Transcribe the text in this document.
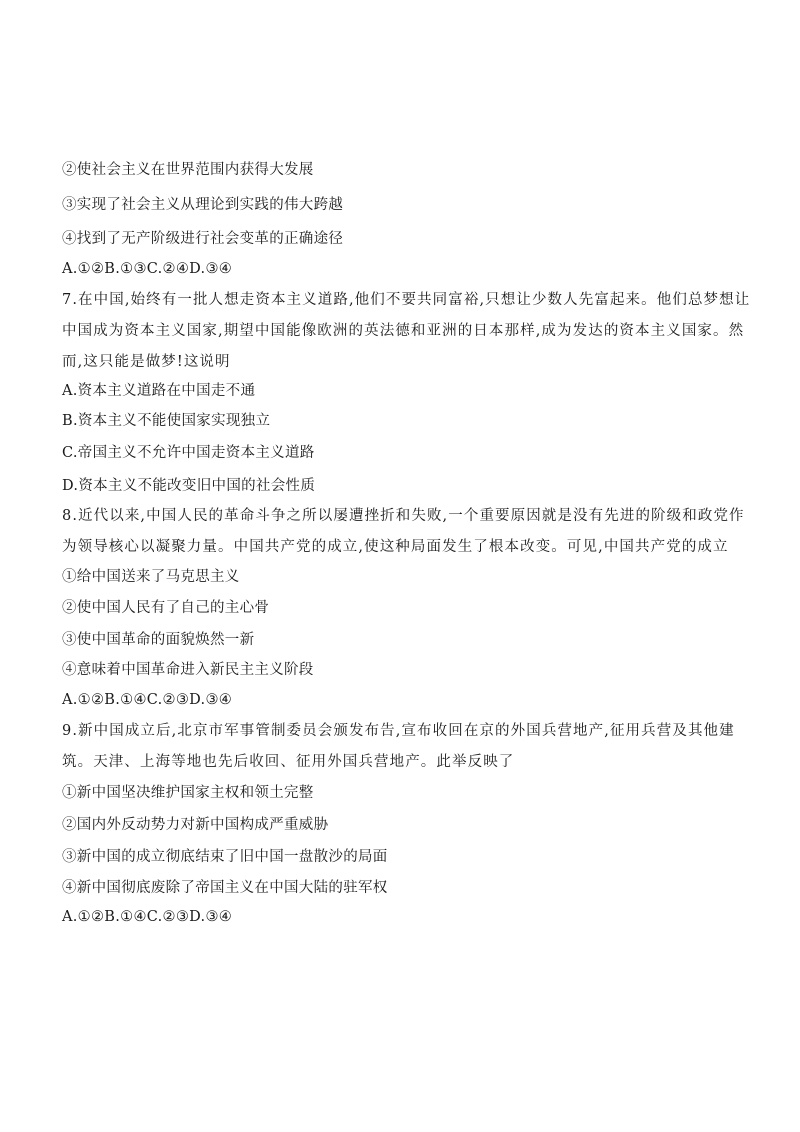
②使社会主义在世界范围内获得大发展
③实现了社会主义从理论到实践的伟大跨越
④找到了无产阶级进行社会变革的正确途径
A.①②B.①③C.②④D.③④
7.在中国,始终有一批人想走资本主义道路,他们不要共同富裕,只想让少数人先富起来。他们总梦想让中国成为资本主义国家,期望中国能像欧洲的英法德和亚洲的日本那样,成为发达的资本主义国家。然而,这只能是做梦!这说明
A.资本主义道路在中国走不通
B.资本主义不能使国家实现独立
C.帝国主义不允许中国走资本主义道路
D.资本主义不能改变旧中国的社会性质
8.近代以来,中国人民的革命斗争之所以屡遭挫折和失败,一个重要原因就是没有先进的阶级和政党作为领导核心以凝聚力量。中国共产党的成立,使这种局面发生了根本改变。可见,中国共产党的成立
①给中国送来了马克思主义
②使中国人民有了自己的主心骨
③使中国革命的面貌焕然一新
④意味着中国革命进入新民主主义阶段
A.①②B.①④C.②③D.③④
9.新中国成立后,北京市军事管制委员会颁发布告,宣布收回在京的外国兵营地产,征用兵营及其他建筑。天津、上海等地也先后收回、征用外国兵营地产。此举反映了
①新中国坚决维护国家主权和领土完整
②国内外反动势力对新中国构成严重威胁
③新中国的成立彻底结束了旧中国一盘散沙的局面
④新中国彻底废除了帝国主义在中国大陆的驻军权
A.①②B.①④C.②③D.③④
